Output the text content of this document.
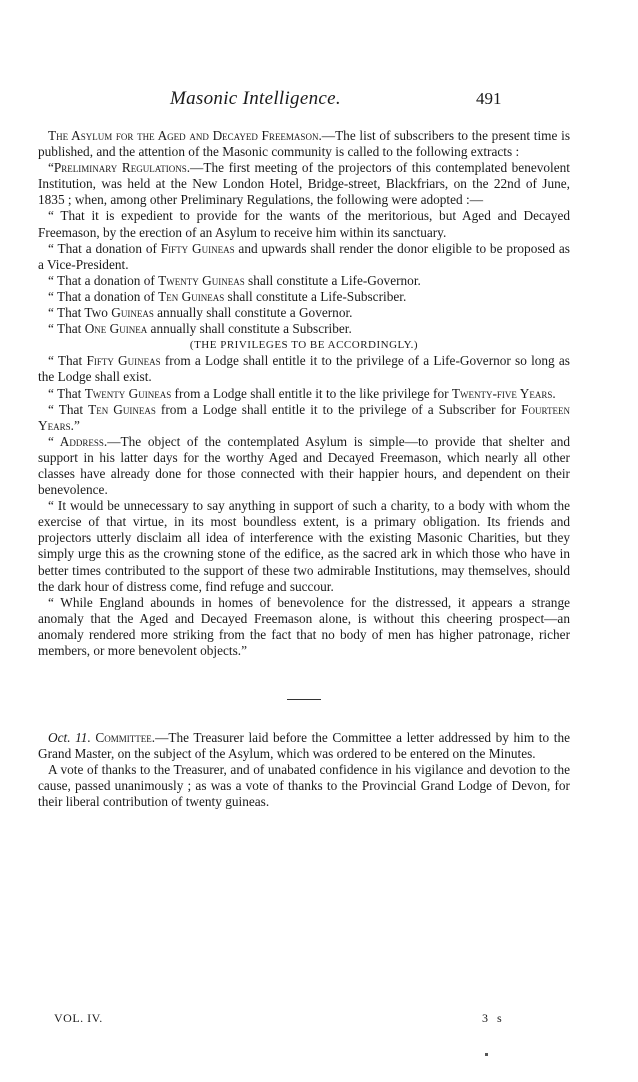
Masonic Intelligence.	491

The Asylum for the Aged and Decayed Freemason.—The list of subscribers to the present time is published, and the attention of the Masonic community is called to the following extracts :

“Preliminary Regulations.—The first meeting of the projectors of this contemplated benevolent Institution, was held at the New London Hotel, Bridge-street, Blackfriars, on the 22nd of June, 1835 ; when, among other Preliminary Regulations, the following were adopted :—

“ That it is expedient to provide for the wants of the meritorious, but Aged and Decayed Freemason, by the erection of an Asylum to receive him within its sanctuary.

“ That a donation of Fifty Guineas and upwards shall render the donor eligible to be proposed as a Vice-President.

“ That a donation of Twenty Guineas shall constitute a Life-Governor.

“ That a donation of Ten Guineas shall constitute a Life-Subscriber.

“ That Two Guineas annually shall constitute a Governor.

“ That One Guinea annually shall constitute a Subscriber.

(THE PRIVILEGES TO BE ACCORDINGLY.)

“ That Fifty Guineas from a Lodge shall entitle it to the privilege of a Life-Governor so long as the Lodge shall exist.

“ That Twenty Guineas from a Lodge shall entitle it to the like privilege for Twenty-five Years.

“ That Ten Guineas from a Lodge shall entitle it to the privilege of a Subscriber for Fourteen Years.”

“ Address.—The object of the contemplated Asylum is simple—to provide that shelter and support in his latter days for the worthy Aged and Decayed Freemason, which nearly all other classes have already done for those connected with their happier hours, and dependent on their benevolence.

“ It would be unnecessary to say anything in support of such a charity, to a body with whom the exercise of that virtue, in its most boundless extent, is a primary obligation. Its friends and projectors utterly disclaim all idea of interference with the existing Masonic Charities, but they simply urge this as the crowning stone of the edifice, as the sacred ark in which those who have in better times contributed to the support of these two admirable Institutions, may themselves, should the dark hour of distress come, find refuge and succour.

“ While England abounds in homes of benevolence for the distressed, it appears a strange anomaly that the Aged and Decayed Freemason alone, is without this cheering prospect—an anomaly rendered more striking from the fact that no body of men has higher patronage, richer members, or more benevolent objects.”

Oct. 11. Committee.—The Treasurer laid before the Committee a letter addressed by him to the Grand Master, on the subject of the Asylum, which was ordered to be entered on the Minutes.

A vote of thanks to the Treasurer, and of unabated confidence in his vigilance and devotion to the cause, passed unanimously ; as was a vote of thanks to the Provincial Grand Lodge of Devon, for their liberal contribution of twenty guineas.

VOL. IV.	3 s
